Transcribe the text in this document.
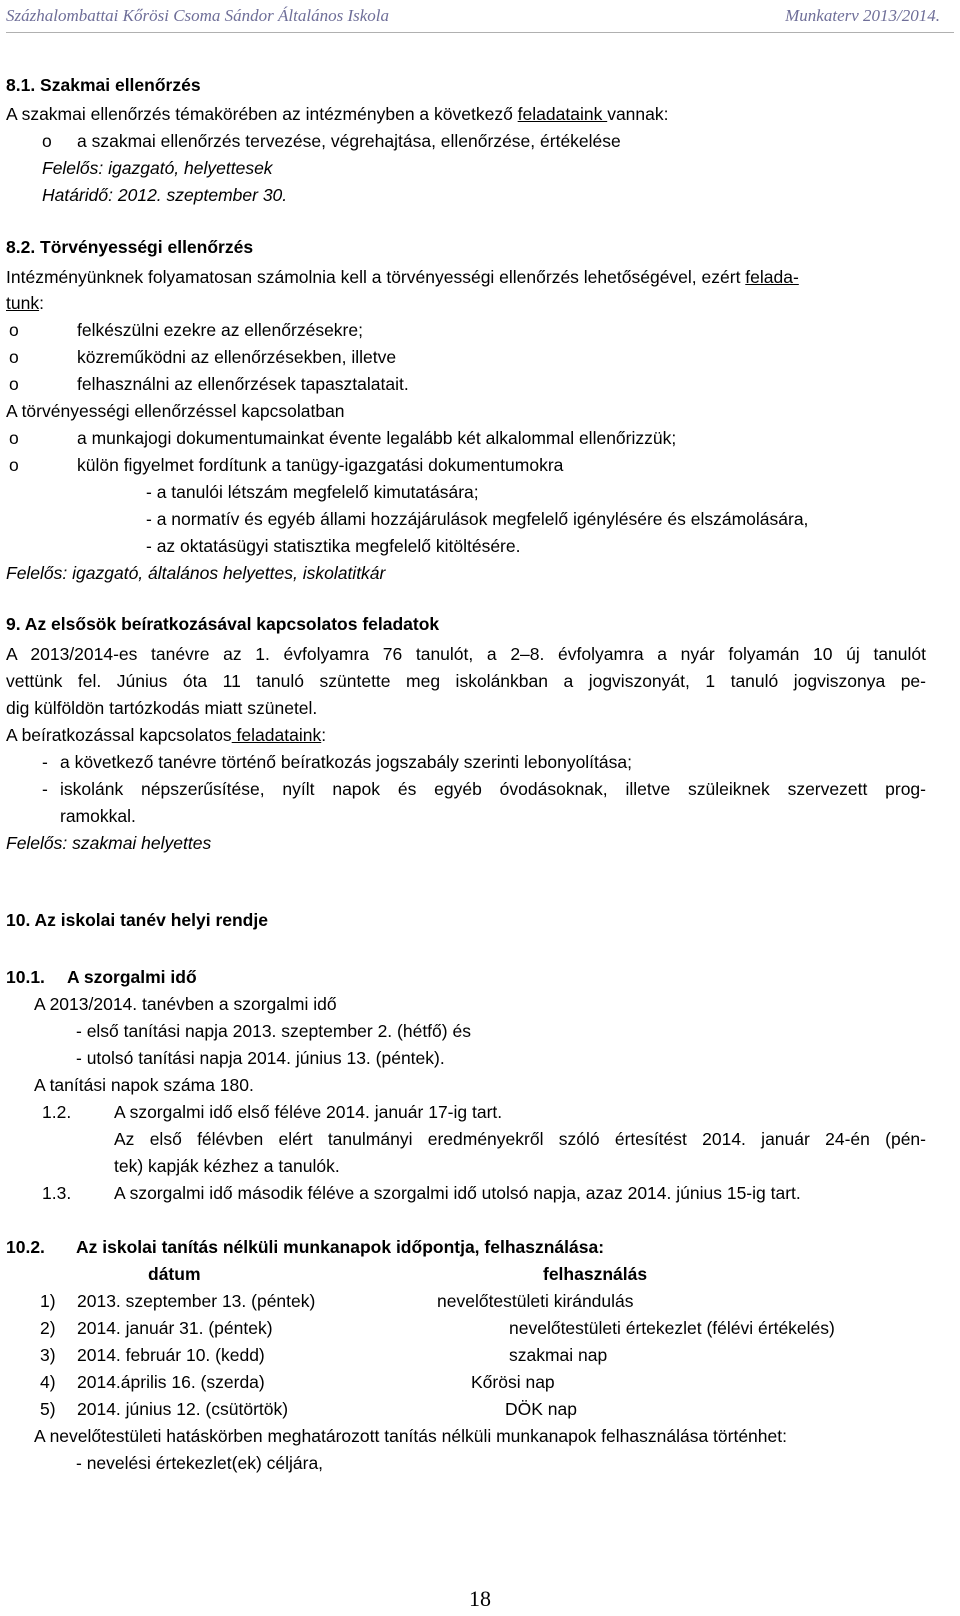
Százhalombattai Kőrösi Csoma Sándor Általános Iskola	Munkaterv 2013/2014.
8.1. Szakmai ellenőrzés
A szakmai ellenőrzés témakörében az intézményben a következő feladataink vannak:
o a szakmai ellenőrzés tervezése, végrehajtása, ellenőrzése, értékelése
Felelős: igazgató, helyettesek
Határidő: 2012. szeptember 30.
8.2. Törvényességi ellenőrzés
Intézményünknek folyamatosan számolnia kell a törvényességi ellenőrzés lehetőségével, ezért felada-
tunk:
o	felkészülni ezekre az ellenőrzésekre;
o	közreműködni az ellenőrzésekben, illetve
o	felhasználni az ellenőrzések tapasztalatait.
A törvényességi ellenőrzéssel kapcsolatban
o	a munkajogi dokumentumainkat évente legalább két alkalommal ellenőrizzük;
o	külön figyelmet fordítunk a tanügy-igazgatási dokumentumokra
- a tanulói létszám megfelelő kimutatására;
- a normatív és egyéb állami hozzájárulások megfelelő igénylésére és elszámolására,
- az oktatásügyi statisztika megfelelő kitöltésére.
Felelős: igazgató, általános helyettes, iskolatitkár
9. Az elsősök beíratkozásával kapcsolatos feladatok
A 2013/2014-es tanévre az 1. évfolyamra 76 tanulót, a 2–8. évfolyamra a nyár folyamán 10 új tanulót
vettünk fel. Június óta 11 tanuló szüntette meg iskolánkban a jogviszonyát, 1 tanuló jogviszonya pe-
dig külföldön tartózkodás miatt szünetel.
A beíratkozással kapcsolatos feladataink:
- a következő tanévre történő beíratkozás jogszabály szerinti lebonyolítása;
- iskolánk népszerűsítése, nyílt napok és egyéb óvodásoknak, illetve szüleiknek szervezett prog-
ramokkal.
Felelős: szakmai helyettes
10. Az iskolai tanév helyi rendje
10.1. A szorgalmi idő
A 2013/2014. tanévben a szorgalmi idő
- első tanítási napja 2013. szeptember 2. (hétfő) és
- utolsó tanítási napja 2014. június 13. (péntek).
A tanítási napok száma 180.
1.2. A szorgalmi idő első féléve 2014. január 17-ig tart.
Az első félévben elért tanulmányi eredményekről szóló értesítést 2014. január 24-én (pén-
tek) kapják kézhez a tanulók.
1.3. A szorgalmi idő második féléve a szorgalmi idő utolsó napja, azaz 2014. június 15-ig tart.
10.2. Az iskolai tanítás nélküli munkanapok időpontja, felhasználása:
dátum	felhasználás
1) 2013. szeptember 13. (péntek)	nevelőtestületi kirándulás
2) 2014. január 31. (péntek)	nevelőtestületi értekezlet (félévi értékelés)
3) 2014. február 10. (kedd)	szakmai nap
4) 2014.április 16. (szerda)	Kőrösi nap
5) 2014. június 12. (csütörtök)	DÖK nap
A nevelőtestületi hatáskörben meghatározott tanítás nélküli munkanapok felhasználása történhet:
- nevelési értekezlet(ek) céljára,
18
